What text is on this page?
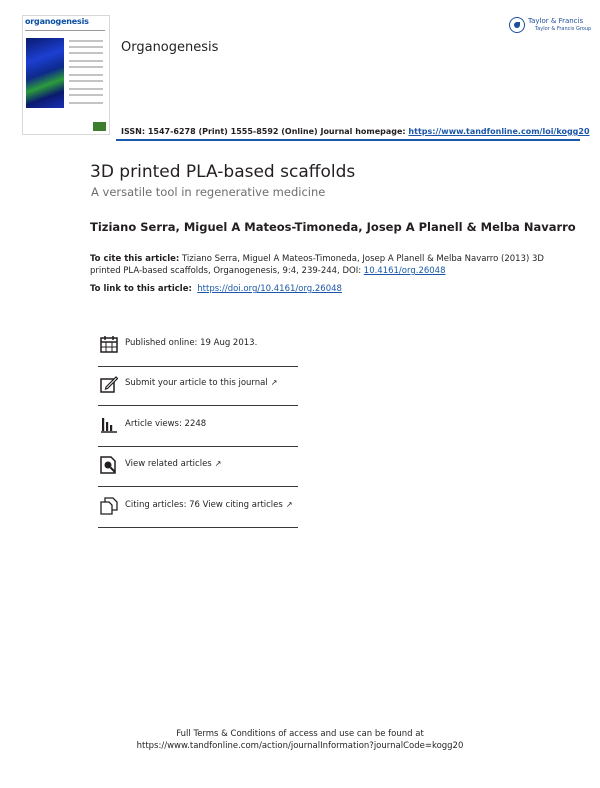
organogenesis
Organogenesis
Taylor & Francis
Taylor & Francis Group
ISSN: 1547-6278 (Print) 1555-8592 (Online) Journal homepage: https://www.tandfonline.com/loi/kogg20
3D printed PLA-based scaffolds
A versatile tool in regenerative medicine
Tiziano Serra, Miguel A Mateos-Timoneda, Josep A Planell & Melba Navarro
To cite this article: Tiziano Serra, Miguel A Mateos-Timoneda, Josep A Planell & Melba Navarro (2013) 3D printed PLA-based scaffolds, Organogenesis, 9:4, 239-244, DOI: 10.4161/org.26048
To link to this article: https://doi.org/10.4161/org.26048
Published online: 19 Aug 2013.
Submit your article to this journal ↗
Article views: 2248
View related articles ↗
Citing articles: 76 View citing articles ↗
Full Terms & Conditions of access and use can be found at
https://www.tandfonline.com/action/journalInformation?journalCode=kogg20
